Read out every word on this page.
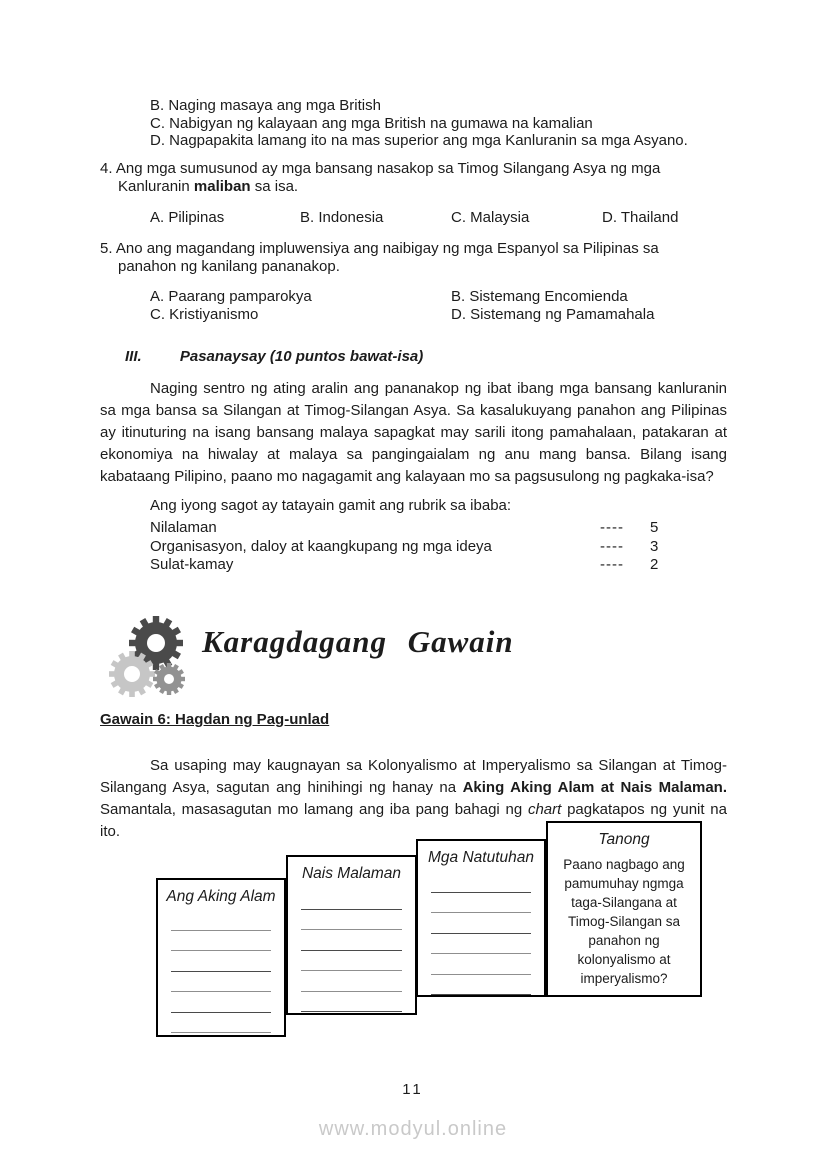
B. Naging masaya ang mga British
C. Nabigyan ng kalayaan ang mga British na gumawa na kamalian
D. Nagpapakita lamang ito na mas superior ang mga Kanluranin sa mga Asyano.
4. Ang mga sumusunod ay mga bansang nasakop sa Timog Silangang Asya ng mga
Kanluranin maliban sa isa.
A. Pilipinas	B. Indonesia	C. Malaysia	D. Thailand
5. Ano ang magandang impluwensiya ang naibigay ng mga Espanyol sa Pilipinas sa
panahon ng kanilang pananakop.
A. Paarang pamparokya	B. Sistemang Encomienda
C. Kristiyanismo	D. Sistemang ng Pamamahala
III.	Pasanaysay (10 puntos bawat-isa)
Naging sentro ng ating aralin ang pananakop ng ibat ibang mga bansang kanluranin sa mga bansa sa Silangan at Timog-Silangan Asya. Sa kasalukuyang panahon ang Pilipinas ay itinuturing na isang bansang malaya sapagkat may sarili itong pamahalaan, patakaran at ekonomiya na hiwalay at malaya sa pangingaialam ng anu mang bansa. Bilang isang kabataang Pilipino, paano mo nagagamit ang kalayaan mo sa pagsusulong ng pagkaka-isa?
Ang iyong sagot ay tatayain gamit ang rubrik sa ibaba:
Nilalaman	---- 5
Organisasyon, daloy at kaangkupang ng mga ideya	---- 3
Sulat-kamay	---- 2
Karagdagang Gawain
Gawain 6: Hagdan ng Pag-unlad
Sa usaping may kaugnayan sa Kolonyalismo at Imperyalismo sa Silangan at Timog-Silangang Asya, sagutan ang hinihingi ng hanay na Aking Aking Alam at Nais Malaman. Samantala, masasagutan mo lamang ang iba pang bahagi ng chart pagkatapos ng yunit na ito.
Ang Aking Alam
Nais Malaman
Mga Natutuhan
Tanong
Paano nagbago ang pamumuhay ngmga taga-Silangana at Timog-Silangan sa panahon ng kolonyalismo at imperyalismo?
11
www.modyul.online
